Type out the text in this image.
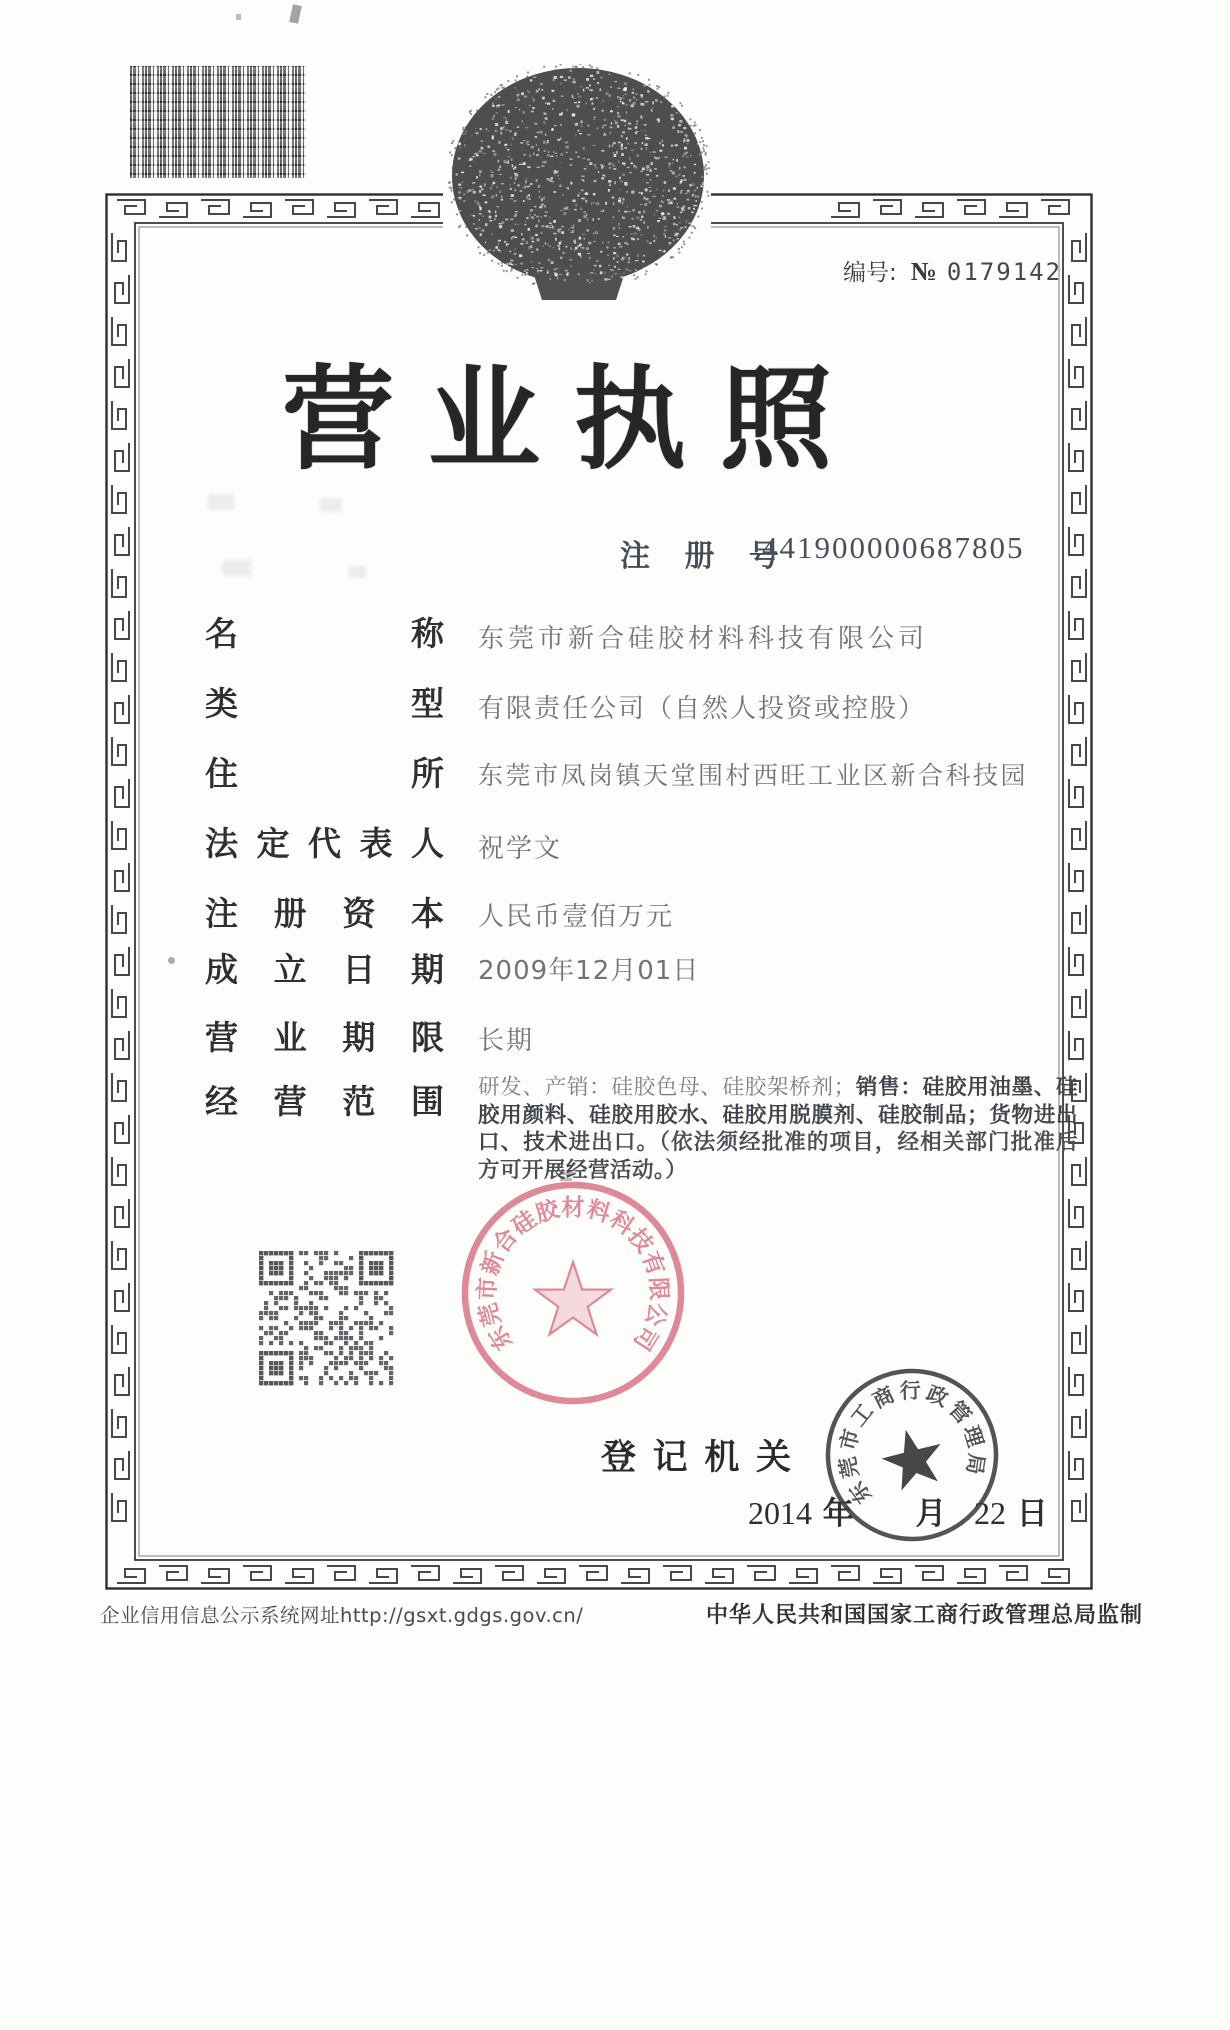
编号: № 0179142
营业执照
注 册 号
441900000687805
名 称 东莞市新合硅胶材料科技有限公司
类 型 有限责任公司（自然人投资或控股）
住 所 东莞市凤岗镇天堂围村西旺工业区新合科技园
法 定 代 表 人 祝学文
注 册 资 本 人民币壹佰万元
成 立 日 期 2009年12月01日
营 业 期 限 长期
经 营 范 围 研发、产销：硅胶色母、硅胶架桥剂；销售：硅胶用油墨、硅胶用颜料、硅胶用胶水、硅胶用脱膜剂、硅胶制品；货物进出口、技术进出口。（依法须经批准的项目，经相关部门批准后方可开展经营活动。）
东
莞
市
新
合
硅
胶 材 料
科
技
有
限
公
司
登 记 机 关
2014 年 月 22 日
东
莞
市
工
商 行 政
管
理
局
企业信用信息公示系统网址http://gsxt.gdgs.gov.cn/	中华人民共和国国家工商行政管理总局监制
